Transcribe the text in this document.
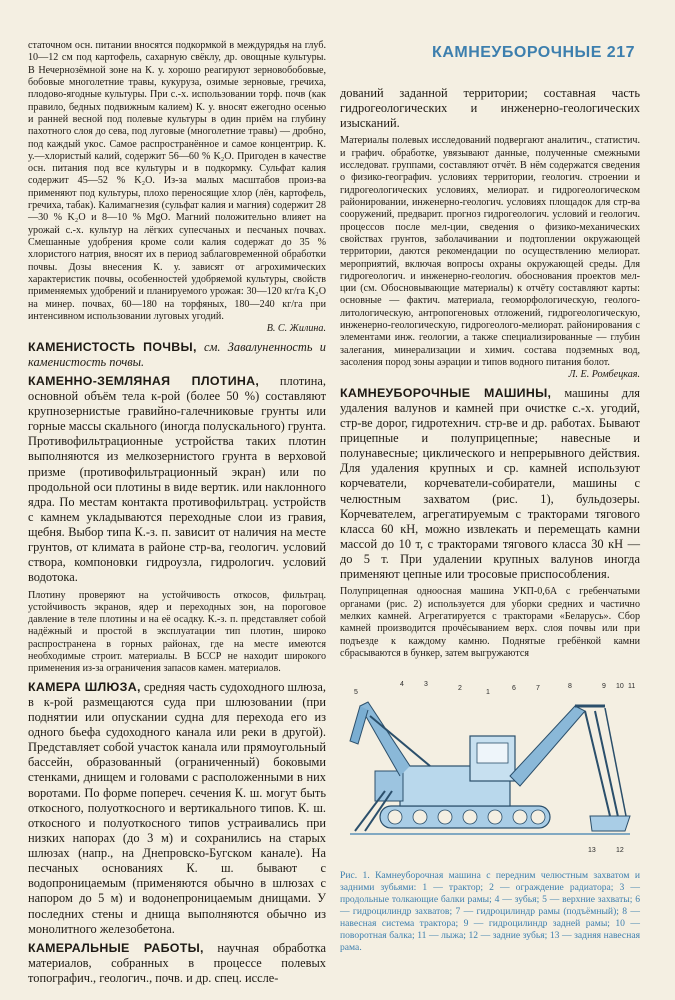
КАМНЕУБОРОЧНЫЕ 217

статочном осн. питании вносятся подкормкой в междурядья на глуб. 10—12 см под картофель, сахарную свёклу, др. овощные культуры. В Нечернозёмной зоне на К. у. хорошо реагируют зерновобобовые, бобовые многолетние травы, кукуруза, озимые зерновые, гречиха, плодово-ягодные культуры. При с.-х. использовании торф. почв (как правило, бедных подвижным калием) К. у. вносят ежегодно осенью и ранней весной под полевые культуры в один приём на глубину пахотного слоя до сева, под луговые (многолетние травы) — дробно, под каждый укос. Самое распространённое и самое концентрир. К. у.—хлористый калий, содержит 56—60 % K₂O. Пригоден в качестве осн. питания под все культуры и в подкормку. Сульфат калия содержит 45—52 % K₂O. Из-за малых масштабов произ-ва применяют под культуры, плохо переносящие хлор (лён, картофель, гречиха, табак). Калимагнезия (сульфат калия и магния) содержит 28—30 % K₂O и 8—10 % MgO. Магний положительно влияет на урожай с.-х. культур на лёгких супесчаных и песчаных почвах. Смешанные удобрения кроме соли калия содержат до 35 % хлористого натрия, вносят их в период заблаговременной обработки почвы. Дозы внесения К. у. зависят от агрохимических характеристик почвы, особенностей удобряемой культуры, свойств применяемых удобрений и планируемого урожая: 30—120 кг/га K₂O на минер. почвах, 60—180 на торфяных, 180—240 кг/га при интенсивном использовании луговых угодий.
В. С. Жилина.

КАМЕНИСТОСТЬ ПОЧВЫ, см. Завалуненность и каменистость почвы.

КАМЕННО-ЗЕМЛЯНАЯ ПЛОТИНА, плотина, основной объём тела к-рой (более 50 %) составляют крупнозернистые гравийно-галечниковые грунты или горные массы скального (иногда полускального) грунта. Противофильтрационные устройства таких плотин выполняются из мелкозернистого грунта в верховой призме (противофильтрационный экран) или по продольной оси плотины в виде вертик. или наклонного ядра. По местам контакта противофильтрац. устройств с камнем укладываются переходные слои из гравия, щебня. Выбор типа К.-з. п. зависит от наличия на месте грунтов, от климата в районе стр-ва, геологич. условий створа, компоновки гидроузла, гидрологич. условий водотока.

Плотину проверяют на устойчивость откосов, фильтрац. устойчивость экранов, ядер и переходных зон, на пороговое давление в теле плотины и на её осадку. К.-з. п. представляет собой надёжный и простой в эксплуатации тип плотин, широко распространена в горных районах, где на месте имеются необходимые строит. материалы. В БССР не находит широкого применения из-за ограничения запасов камен. материалов.

КАМЕРА ШЛЮЗА, средняя часть судоходного шлюза, в к-рой размещаются суда при шлюзовании (при поднятии или опускании судна для перехода его из одного бьефа судоходного канала или реки в другой). Представляет собой участок канала или прямоугольный бассейн, образованный (ограниченный) боковыми стенками, днищем и головами с расположенными в них воротами. По форме попереч. сечения К. ш. могут быть откосного, полуоткосного и вертикального типов. К. ш. откосного и полуоткосного типов устраивались при низких напорах (до 3 м) и сохранились на старых шлюзах (напр., на Днепровско-Бугском канале). На песчаных основаниях К. ш. бывают с водопроницаемым (применяются обычно в шлюзах с напором до 5 м) и водонепроницаемым днищами. У последних стены и днища выполняются обычно из монолитного железобетона.

КАМЕРАЛЬНЫЕ РАБОТЫ, научная обработка материалов, собранных в процессе полевых топографич., геологич., почв. и др. спец. иссле-

дований заданной территории; составная часть гидрогеологических и инженерно-геологических изысканий.

Материалы полевых исследований подвергают аналитич., статистич. и графич. обработке, увязывают данные, полученные смежными исследоват. группами, составляют отчёт. В нём содержатся сведения о физико-географич. условиях территории, геологич. строении и гидрогеологических условиях, мелиорат. и гидрогеологическом районировании, инженерно-геологич. условиях площадок для стр-ва сооружений, предварит. прогноз гидрогеологич. условий и геологич. процессов после мел-ции, сведения о физико-механических свойствах грунтов, заболачивании и подтоплении окружающей территории, даются рекомендации по осуществлению мелиорат. мероприятий, включая вопросы охраны окружающей среды. Для гидрогеологич. и инженерно-геологич. обоснования проектов мел-ции (см. Обосновывающие материалы) к отчёту составляют карты: основные — фактич. материала, геоморфологическую, геолого-литологическую, антропогеновых отложений, гидрогеологическую, инженерно-геологическую, гидрогеолого-мелиорат. районирования с элементами инж. геологии, а также специализированные — глубин залегания, минерализации и химич. состава подземных вод, засоления пород зоны аэрации и типов водного питания болот.
Л. Е. Ромбецкая.

КАМНЕУБОРОЧНЫЕ МАШИНЫ, машины для удаления валунов и камней при очистке с.-х. угодий, стр-ве дорог, гидротехнич. стр-ве и др. работах. Бывают прицепные и полуприцепные; навесные и полунавесные; циклического и непрерывного действия. Для удаления крупных и ср. камней используют корчеватели, корчеватели-собиратели, машины с челюстным захватом (рис. 1), бульдозеры. Корчевателем, агрегатируемым с тракторами тягового класса 60 кН, можно извлекать и перемещать камни массой до 10 т, с тракторами тягового класса 30 кН — до 5 т. При удалении крупных валунов иногда применяют цепные или тросовые приспособления.

Полуприцепная одноосная машина УКП-0,6А с гребенчатыми органами (рис. 2) используется для уборки средних и частично мелких камней. Агрегатируется с тракторами «Беларусь». Сбор камней производится прочёсыванием верх. слоя почвы или при подъезде к каждому камню. Поднятые гребёнкой камни сбрасываются в бункер, затем выгружаются

5
4	3
2
1
6	7	8	9 10 11
13	12

Рис. 1. Камнеуборочная машина с передним челюстным захватом и задними зубьями: 1 — трактор; 2 — ограждение радиатора; 3 — продольные толкающие балки рамы; 4 — зубья; 5 — верхние захваты; 6 — гидроцилиндр захватов; 7 — гидроцилиндр рамы (подъёмный); 8 — навесная система трактора; 9 — гидроцилиндр задней рамы; 10 — поворотная балка; 11 — лыжа; 12 — задние зубья; 13 — задняя навесная рама.
